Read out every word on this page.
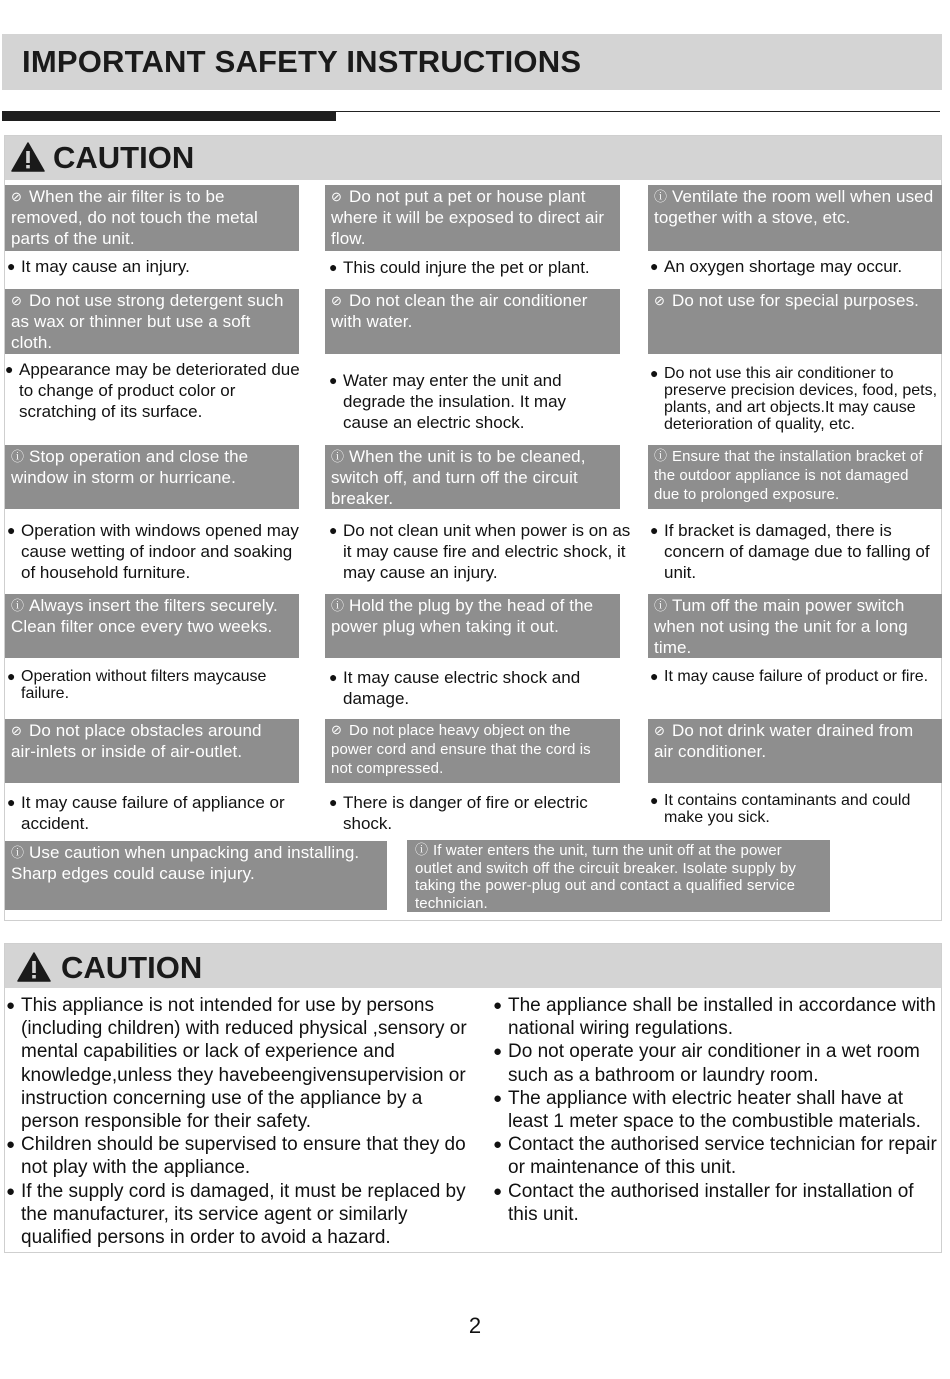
IMPORTANT SAFETY INSTRUCTIONS
CAUTION
⊘ When the air filter is to be removed, do not touch the metal parts of the unit.
⊘ Do not put a pet or house plant where it will be exposed to direct air flow.
ⓘ Ventilate the room well when used together with a stove, etc.
● It may cause an injury.	● This could injure the pet or plant.	● An oxygen shortage may occur.
⊘ Do not use strong detergent such as wax or thinner but use a soft cloth.
⊘ Do not clean the air conditioner with water.
⊘ Do not use for special purposes.
● Appearance may be deteriorated due to change of product color or scratching of its surface.
● Water may enter the unit and degrade the insulation. It may cause an electric shock.
● Do not use this air conditioner to preserve precision devices, food, pets, plants, and art objects.It may cause deterioration of quality, etc.
ⓘ Stop operation and close the window in storm or hurricane.
ⓘ When the unit is to be cleaned, switch off, and turn off the circuit breaker.
ⓘ Ensure that the installation bracket of the outdoor appliance is not damaged due to prolonged exposure.
● Operation with windows opened may cause wetting of indoor and soaking of household furniture.
● Do not clean unit when power is on as it may cause fire and electric shock, it may cause an injury.
● If bracket is damaged, there is concern of damage due to falling of unit.
ⓘ Always insert the filters securely. Clean filter once every two weeks.
ⓘ Hold the plug by the head of the power plug when taking it out.
ⓘ Tum off the main power switch when not using the unit for a long time.
● Operation without filters maycause failure.
● It may cause electric shock and damage.
● It may cause failure of product or fire.
⊘ Do not place obstacles around air-inlets or inside of air-outlet.
⊘ Do not place heavy object on the power cord and ensure that the cord is not compressed.
⊘ Do not drink water drained from air conditioner.
● It may cause failure of appliance or accident.
● There is danger of fire or electric shock.
● It contains contaminants and could make you sick.
ⓘ Use caution when unpacking and installing. Sharp edges could cause injury.
ⓘ If water enters the unit, turn the unit off at the power outlet and switch off the circuit breaker. Isolate supply by taking the power-plug out and contact a qualified service technician.
CAUTION
● This appliance is not intended for use by persons (including children) with reduced physical ,sensory or mental capabilities or lack of experience and knowledge,unless they havebeengivensupervision or instruction concerning use of the appliance by a person responsible for their safety.
● Children should be supervised to ensure that they do not play with the appliance.
● If the supply cord is damaged, it must be replaced by the manufacturer, its service agent or similarly qualified persons in order to avoid a hazard.
● The appliance shall be installed in accordance with national wiring regulations.
● Do not operate your air conditioner in a wet room such as a bathroom or laundry room.
● The appliance with electric heater shall have at least 1 meter space to the combustible materials.
● Contact the authorised service technician for repair or maintenance of this unit.
● Contact the authorised installer for installation of this unit.
2
